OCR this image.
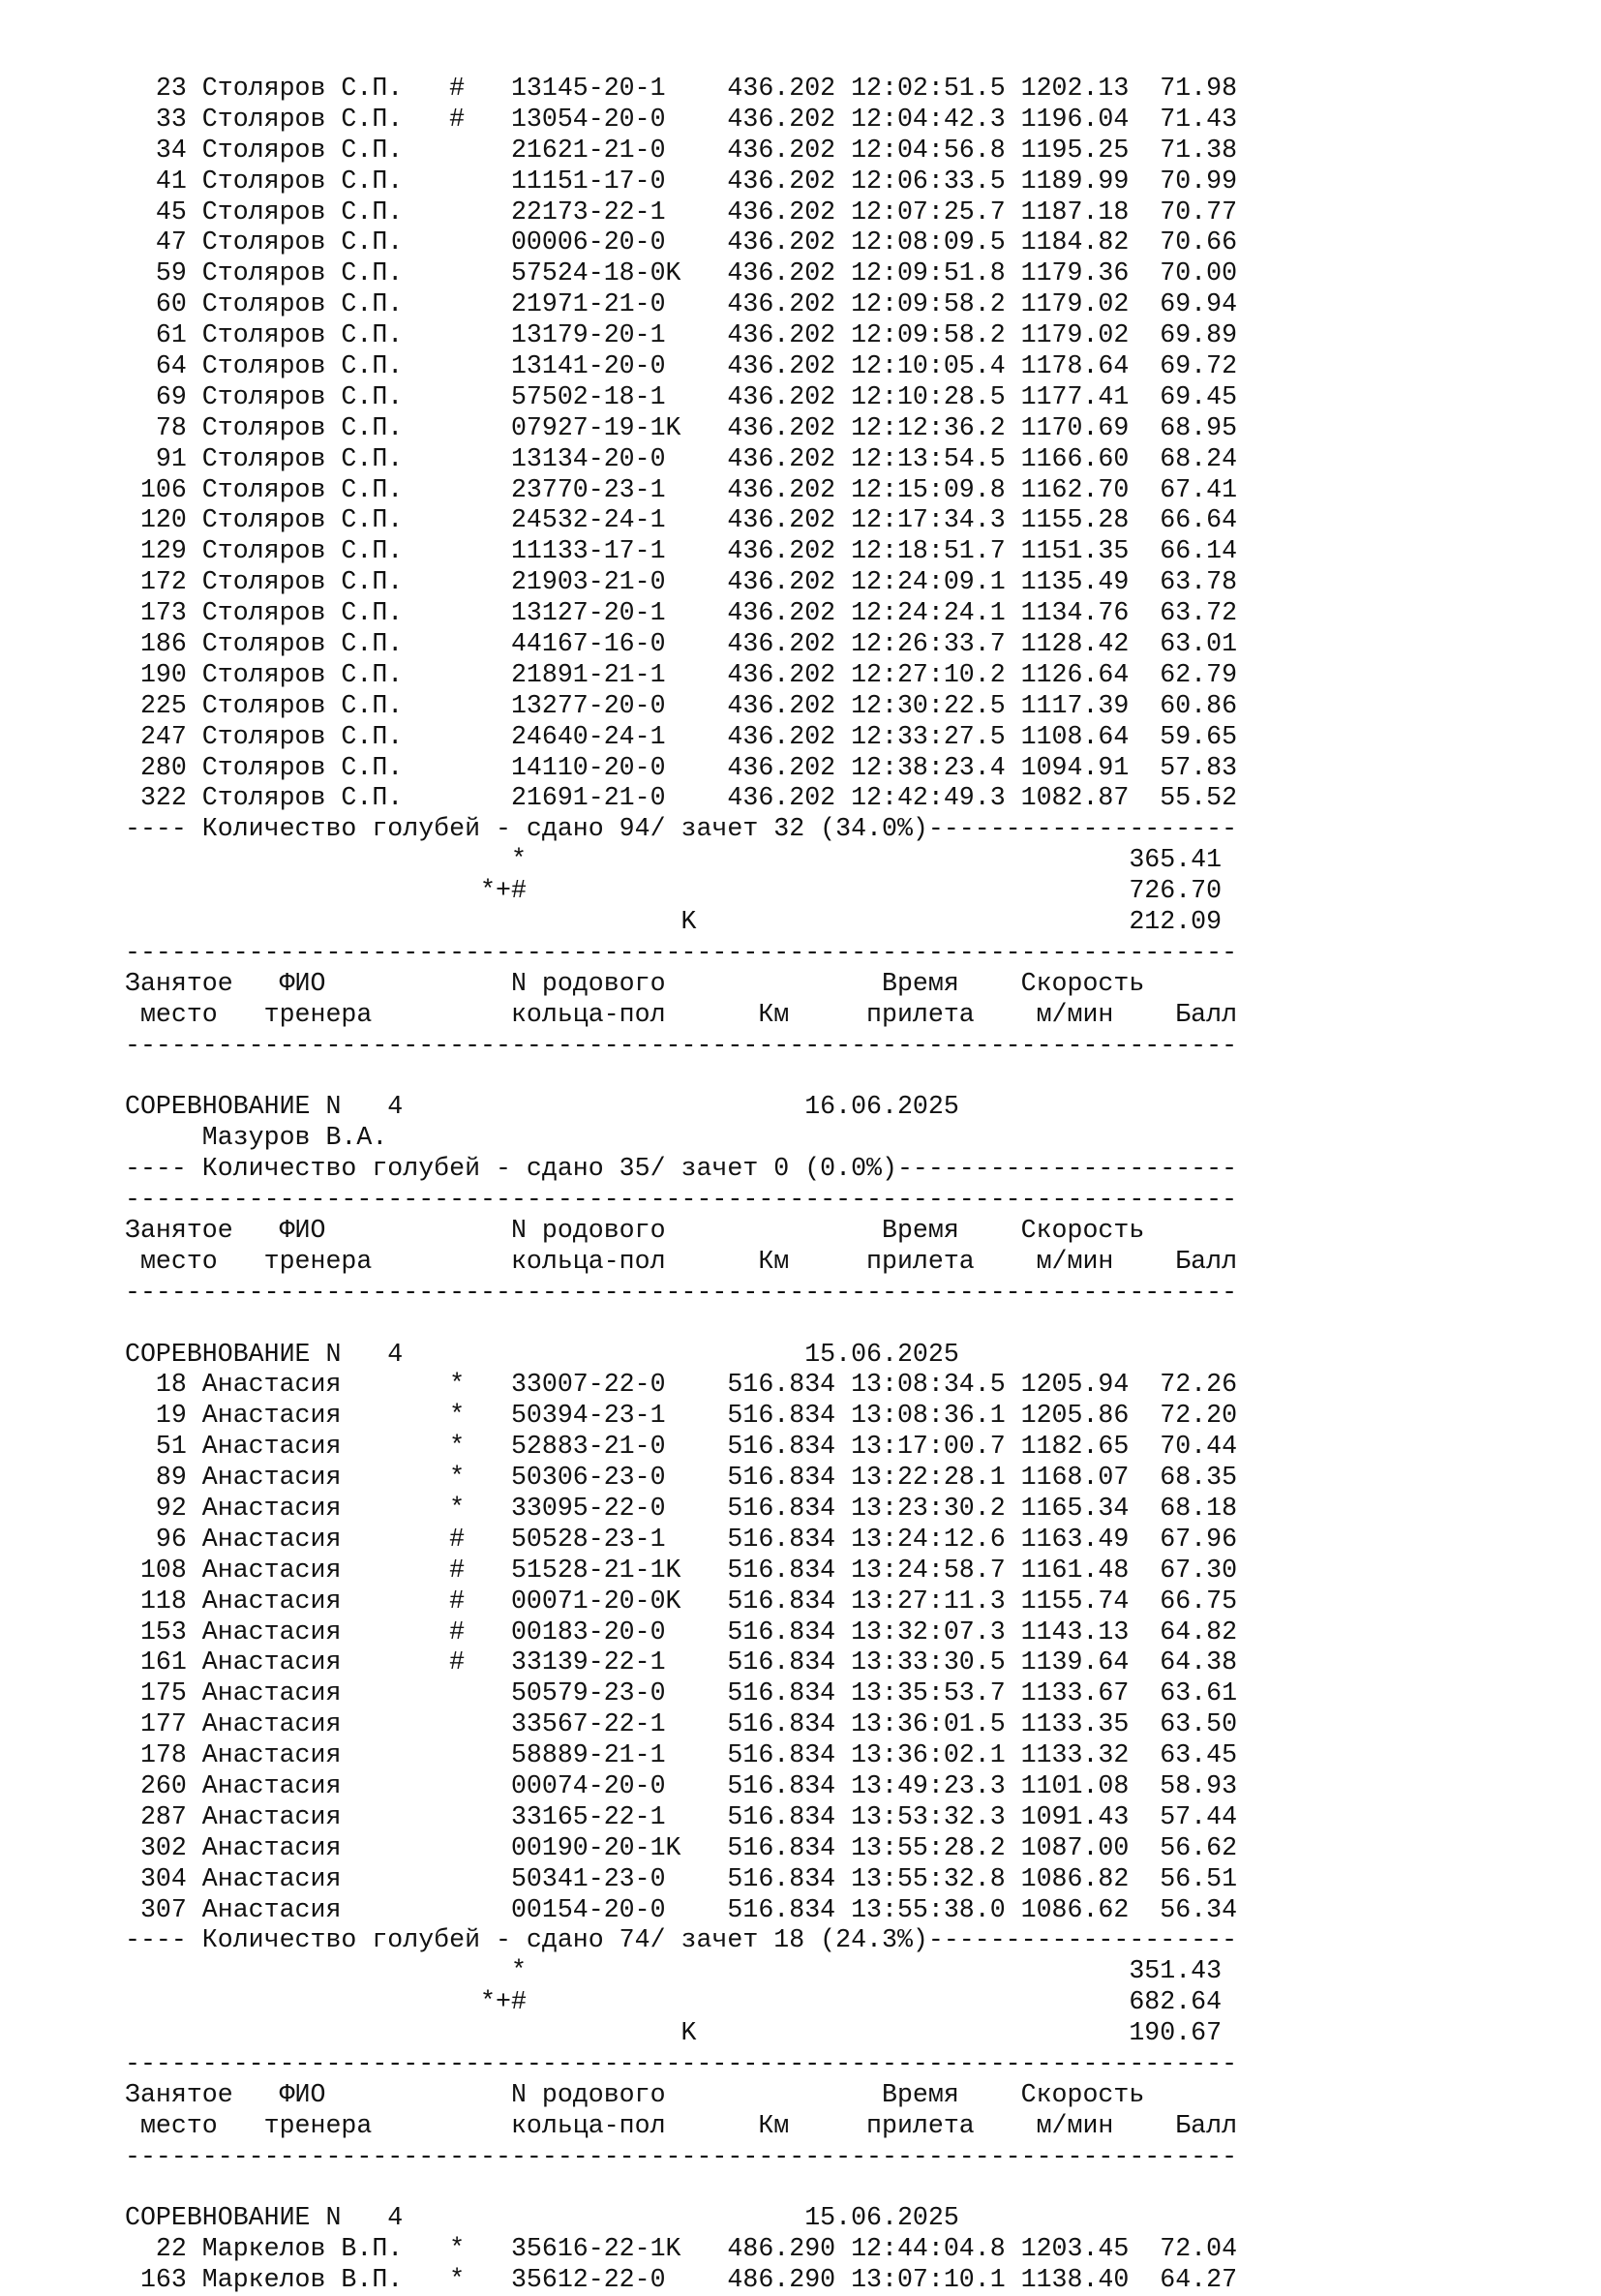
23 Столяров С.П.   #   13145-20-1    436.202 12:02:51.5 1202.13  71.98
33 Столяров С.П.   #   13054-20-0    436.202 12:04:42.3 1196.04  71.43
34 Столяров С.П.       21621-21-0    436.202 12:04:56.8 1195.25  71.38
41 Столяров С.П.       11151-17-0    436.202 12:06:33.5 1189.99  70.99
45 Столяров С.П.       22173-22-1    436.202 12:07:25.7 1187.18  70.77
47 Столяров С.П.       00006-20-0    436.202 12:08:09.5 1184.82  70.66
59 Столяров С.П.       57524-18-0K   436.202 12:09:51.8 1179.36  70.00
60 Столяров С.П.       21971-21-0    436.202 12:09:58.2 1179.02  69.94
61 Столяров С.П.       13179-20-1    436.202 12:09:58.2 1179.02  69.89
64 Столяров С.П.       13141-20-0    436.202 12:10:05.4 1178.64  69.72
69 Столяров С.П.       57502-18-1    436.202 12:10:28.5 1177.41  69.45
78 Столяров С.П.       07927-19-1K   436.202 12:12:36.2 1170.69  68.95
91 Столяров С.П.       13134-20-0    436.202 12:13:54.5 1166.60  68.24
106 Столяров С.П.       23770-23-1    436.202 12:15:09.8 1162.70  67.41
120 Столяров С.П.       24532-24-1    436.202 12:17:34.3 1155.28  66.64
129 Столяров С.П.       11133-17-1    436.202 12:18:51.7 1151.35  66.14
172 Столяров С.П.       21903-21-0    436.202 12:24:09.1 1135.49  63.78
173 Столяров С.П.       13127-20-1    436.202 12:24:24.1 1134.76  63.72
186 Столяров С.П.       44167-16-0    436.202 12:26:33.7 1128.42  63.01
190 Столяров С.П.       21891-21-1    436.202 12:27:10.2 1126.64  62.79
225 Столяров С.П.       13277-20-0    436.202 12:30:22.5 1117.39  60.86
247 Столяров С.П.       24640-24-1    436.202 12:33:27.5 1108.64  59.65
280 Столяров С.П.       14110-20-0    436.202 12:38:23.4 1094.91  57.83
322 Столяров С.П.       21691-21-0    436.202 12:42:49.3 1082.87  55.52
---- Количество голубей - сдано 94/ зачет 32 (34.0%)--------------------
*                                       365.41
*+#                                       726.70
K                            212.09
------------------------------------------------------------------------
Занятое   ФИО            N родового              Время    Скорость
место   тренера         кольца-пол      Км     прилета    м/мин    Балл
------------------------------------------------------------------------
СОРЕВНОВАНИЕ N   4                          16.06.2025
Мазуров В.А.
---- Количество голубей - сдано 35/ зачет 0 (0.0%)----------------------
------------------------------------------------------------------------
Занятое   ФИО            N родового              Время    Скорость
место   тренера         кольца-пол      Км     прилета    м/мин    Балл
------------------------------------------------------------------------
СОРЕВНОВАНИЕ N   4                          15.06.2025
18 Анастасия       *   33007-22-0    516.834 13:08:34.5 1205.94  72.26
19 Анастасия       *   50394-23-1    516.834 13:08:36.1 1205.86  72.20
51 Анастасия       *   52883-21-0    516.834 13:17:00.7 1182.65  70.44
89 Анастасия       *   50306-23-0    516.834 13:22:28.1 1168.07  68.35
92 Анастасия       *   33095-22-0    516.834 13:23:30.2 1165.34  68.18
96 Анастасия       #   50528-23-1    516.834 13:24:12.6 1163.49  67.96
108 Анастасия       #   51528-21-1K   516.834 13:24:58.7 1161.48  67.30
118 Анастасия       #   00071-20-0K   516.834 13:27:11.3 1155.74  66.75
153 Анастасия       #   00183-20-0    516.834 13:32:07.3 1143.13  64.82
161 Анастасия       #   33139-22-1    516.834 13:33:30.5 1139.64  64.38
175 Анастасия           50579-23-0    516.834 13:35:53.7 1133.67  63.61
177 Анастасия           33567-22-1    516.834 13:36:01.5 1133.35  63.50
178 Анастасия           58889-21-1    516.834 13:36:02.1 1133.32  63.45
260 Анастасия           00074-20-0    516.834 13:49:23.3 1101.08  58.93
287 Анастасия           33165-22-1    516.834 13:53:32.3 1091.43  57.44
302 Анастасия           00190-20-1K   516.834 13:55:28.2 1087.00  56.62
304 Анастасия           50341-23-0    516.834 13:55:32.8 1086.82  56.51
307 Анастасия           00154-20-0    516.834 13:55:38.0 1086.62  56.34
---- Количество голубей - сдано 74/ зачет 18 (24.3%)--------------------
*                                       351.43
*+#                                       682.64
K                            190.67
------------------------------------------------------------------------
Занятое   ФИО            N родового              Время    Скорость
место   тренера         кольца-пол      Км     прилета    м/мин    Балл
------------------------------------------------------------------------
СОРЕВНОВАНИЕ N   4                          15.06.2025
22 Маркелов В.П.   *   35616-22-1K   486.290 12:44:04.8 1203.45  72.04
163 Маркелов В.П.   *   35612-22-0    486.290 13:07:10.1 1138.40  64.27
